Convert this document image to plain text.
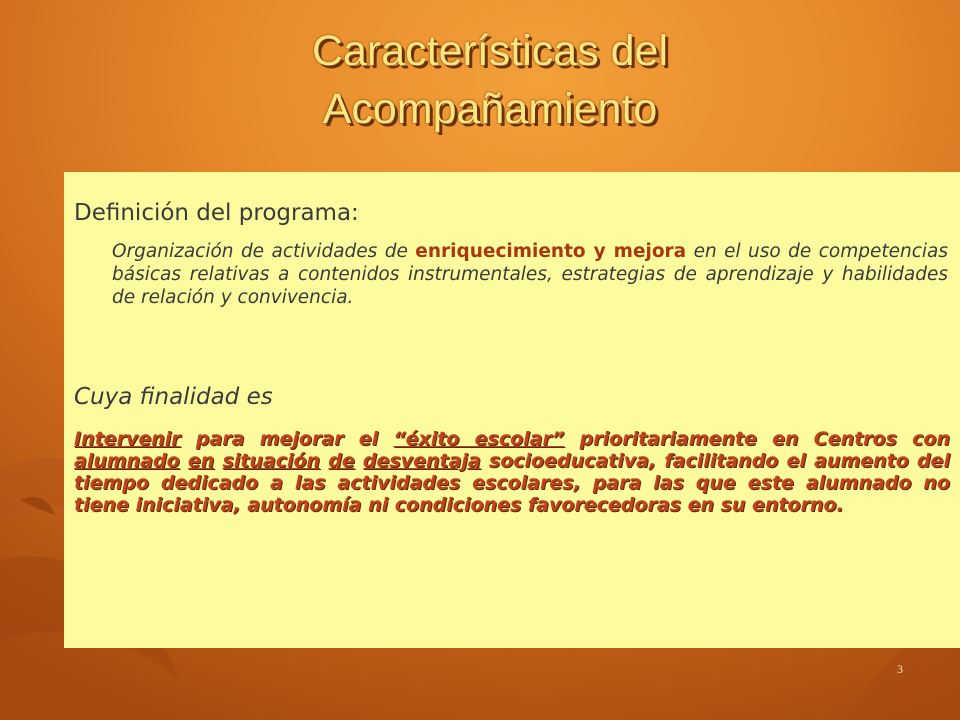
Características del
Acompañamiento
Definición del programa:
Organización de actividades de enriquecimiento y mejora en el uso de competencias básicas relativas a contenidos instrumentales, estrategias de aprendizaje y habilidades de relación y convivencia.
Cuya finalidad es
Intervenir para mejorar el “éxito escolar” prioritariamente en Centros con alumnado en situación de desventaja socioeducativa, facilitando el aumento del tiempo dedicado a las actividades escolares, para las que este alumnado no tiene iniciativa, autonomía ni condiciones favorecedoras en su entorno.
3
